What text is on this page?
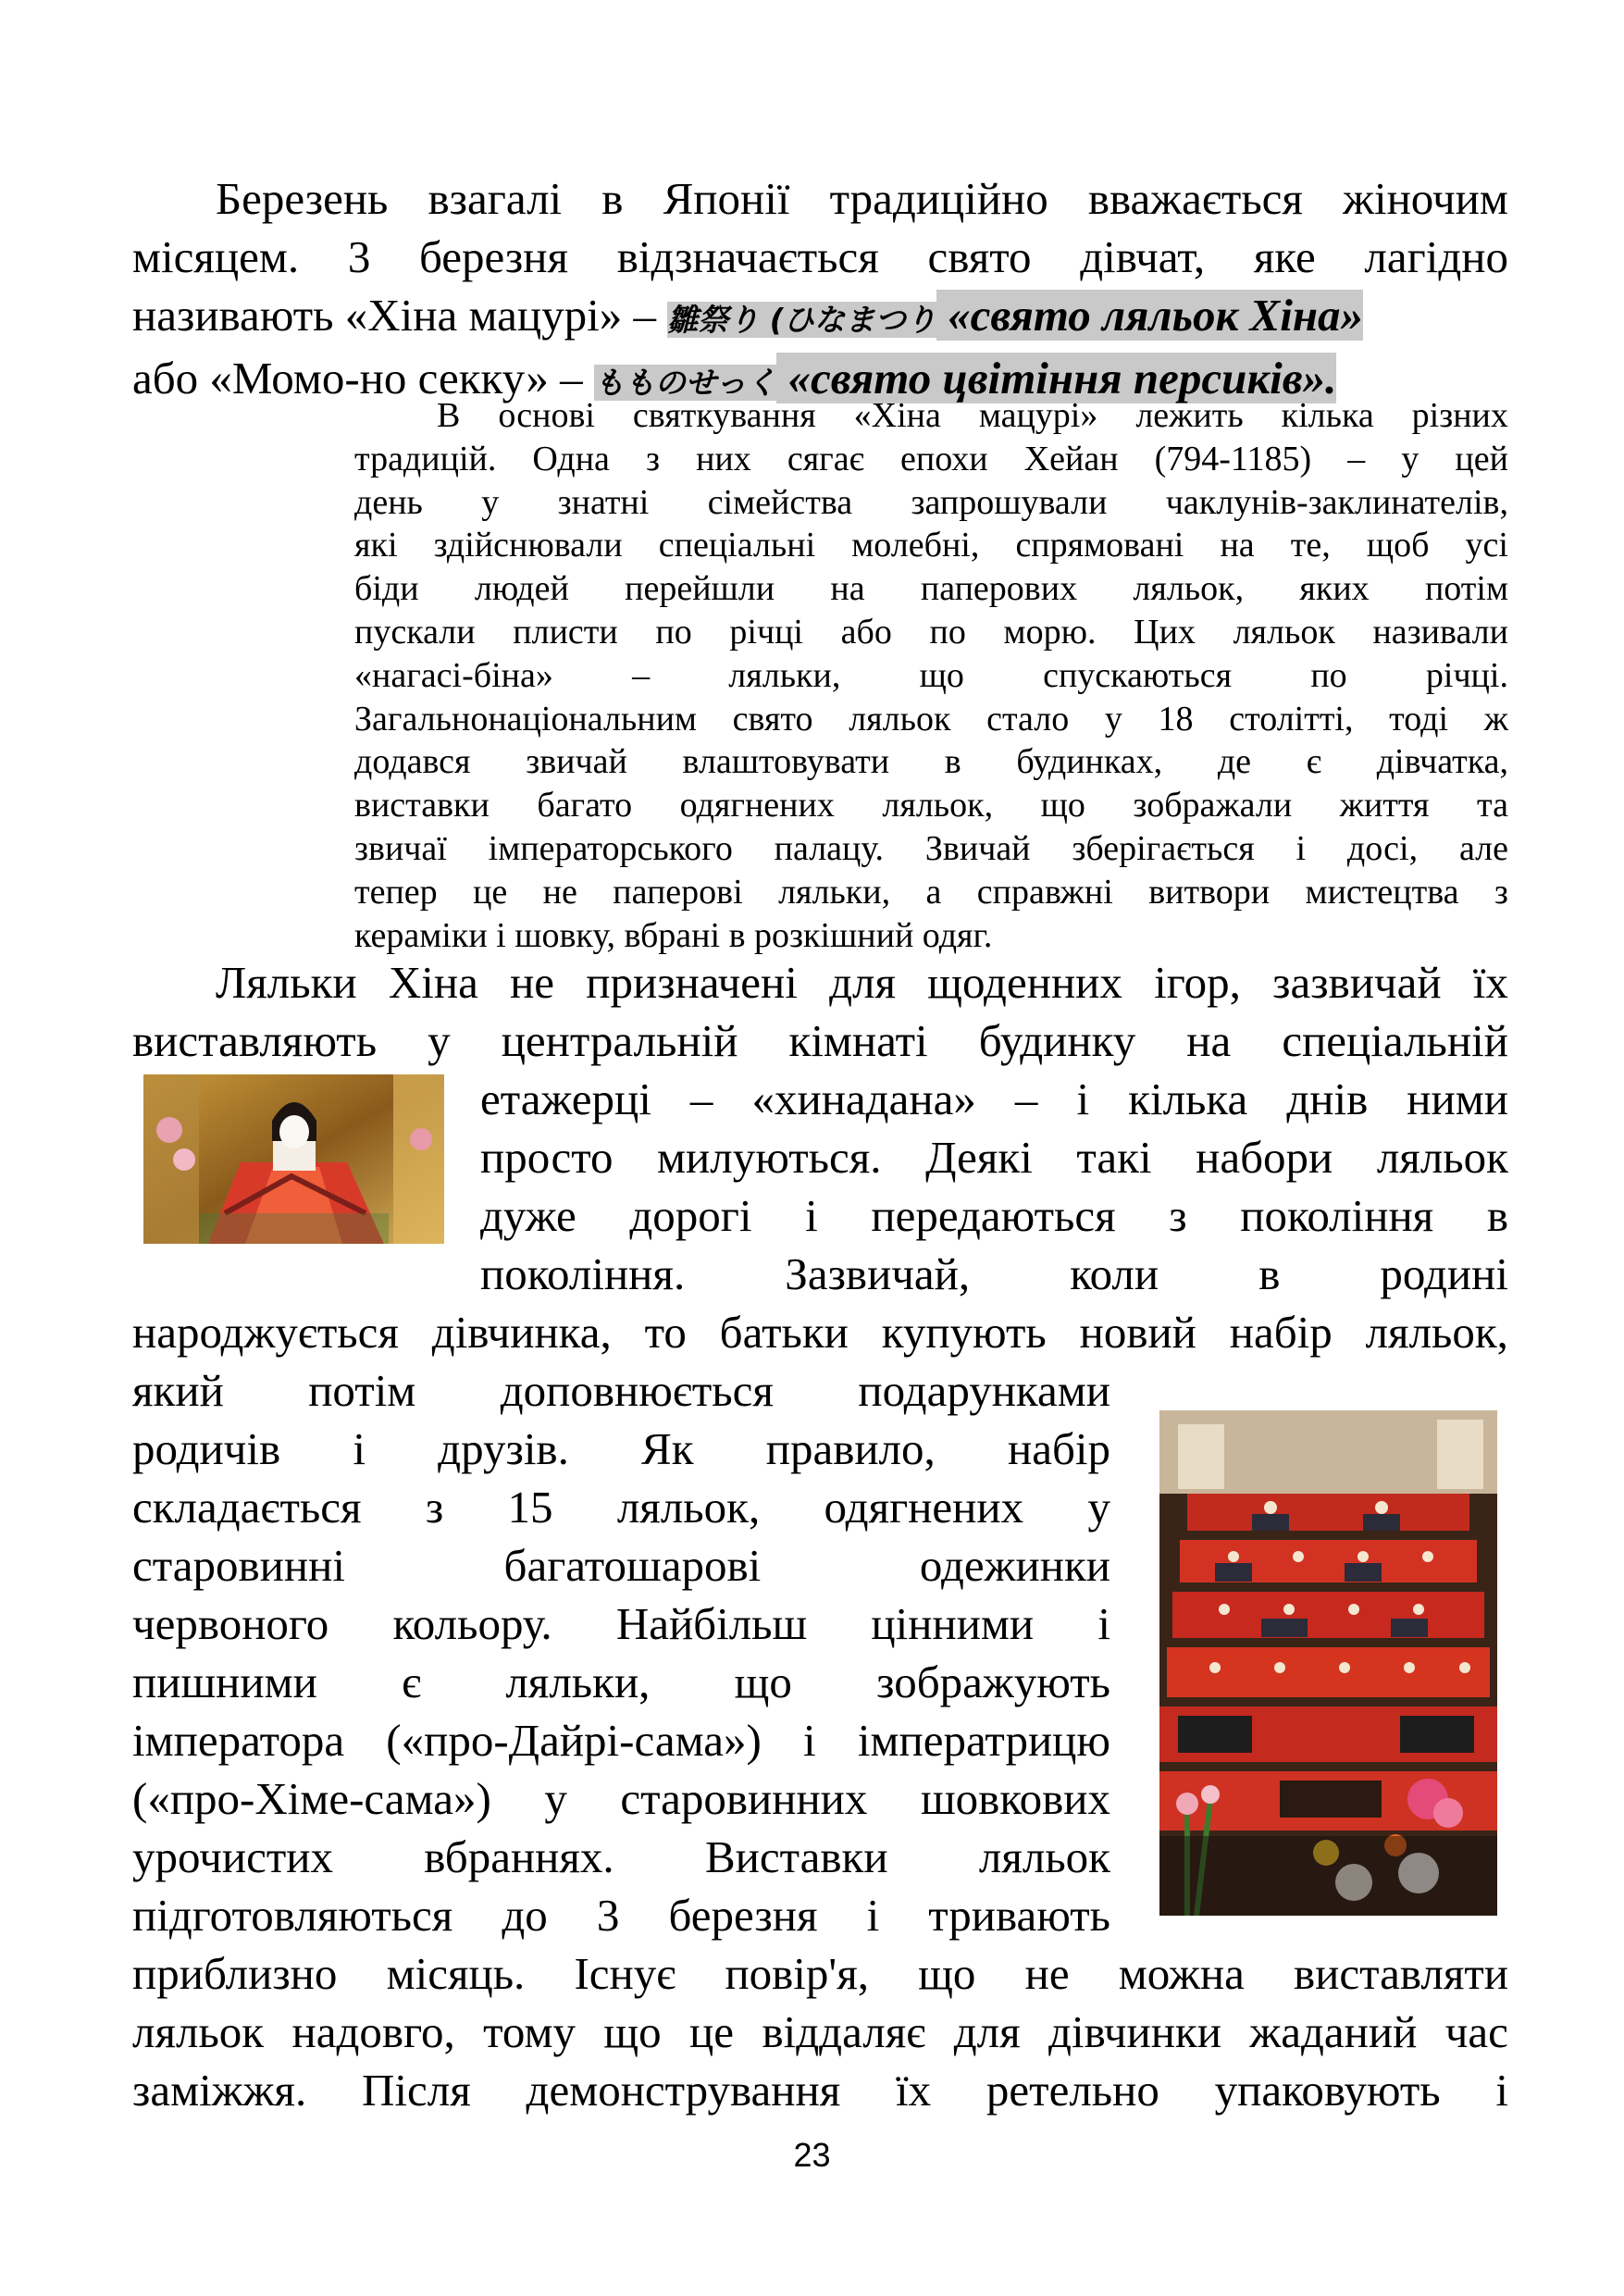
Березень взагалі в Японії традиційно вважається жіночим
місяцем. 3 березня відзначається свято дівчат, яке лагідно
називають «Хіна мацурі» – 雛祭り (ひなまつり «свято ляльок Хіна»
або «Момо-но секку» – もものせっく «свято цвітіння персиків».
В основі святкування «Хіна мацурі» лежить кілька різних
традицій. Одна з них сягає епохи Хейан (794-1185) – у цей
день у знатні сімейства запрошували чаклунів-заклинателів,
які здійснювали спеціальні молебні, спрямовані на те, щоб усі
біди людей перейшли на паперових ляльок, яких потім
пускали плисти по річці або по морю. Цих ляльок називали
«нагасі-біна» – ляльки, що спускаються по річці.
Загальнонаціональним свято ляльок стало у 18 столітті, тоді ж
додався звичай влаштовувати в будинках, де є дівчатка,
виставки багато одягнених ляльок, що зображали життя та
звичаї імператорського палацу. Звичай зберігається і досі, але
тепер це не паперові ляльки, а справжні витвори мистецтва з
кераміки і шовку, вбрані в розкішний одяг.
Ляльки Хіна не призначені для щоденних ігор, зазвичай їх
виставляють у центральній кімнаті будинку на спеціальній
етажерці – «хинадана» – і кілька днів ними
просто милуються. Деякі такі набори ляльок
дуже дорогі і передаються з покоління в
покоління. Зазвичай, коли в родині
народжується дівчинка, то батьки купують новий набір ляльок,
який потім доповнюється подарунками
родичів і друзів. Як правило, набір
складається з 15 ляльок, одягнених у
старовинні	багатошарові	одежинки
червоного кольору. Найбільш цінними і
пишними є ляльки, що зображують
імператора («про-Дайрі-сама») і імператрицю
(«про-Хіме-сама») у старовинних шовкових
урочистих вбраннях. Виставки ляльок
підготовляються до 3 березня і тривають
приблизно місяць. Існує повір'я, що не можна виставляти
ляльок надовго, тому що це віддаляє для дівчинки жаданий час
заміжжя. Після демонстрування їх ретельно упаковують і
23
